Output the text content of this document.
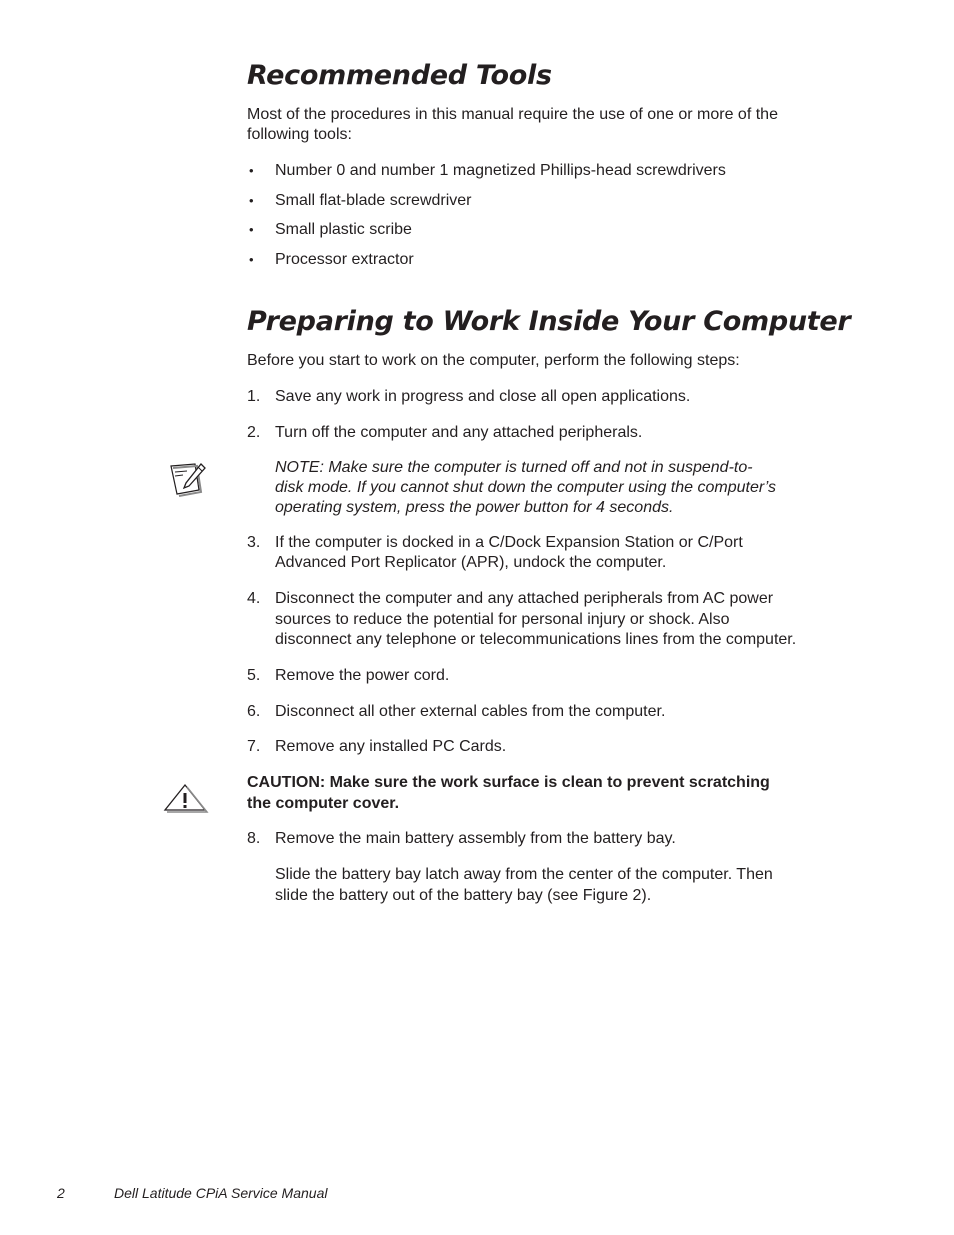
Recommended Tools

Most of the procedures in this manual require the use of one or more of the

following tools:

• Number 0 and number 1 magnetized Phillips-head screwdrivers

• Small flat-blade screwdriver

• Small plastic scribe

• Processor extractor

Preparing to Work Inside Your Computer

Before you start to work on the computer, perform the following steps:

1. Save any work in progress and close all open applications.

2. Turn off the computer and any attached peripherals.

NOTE: Make sure the computer is turned off and not in suspend-to-

disk mode. If you cannot shut down the computer using the computer’s

operating system, press the power button for 4 seconds.

3. If the computer is docked in a C/Dock Expansion Station or C/Port

Advanced Port Replicator (APR), undock the computer.

4. Disconnect the computer and any attached peripherals from AC power

sources to reduce the potential for personal injury or shock. Also

disconnect any telephone or telecommunications lines from the computer.

5. Remove the power cord.

6. Disconnect all other external cables from the computer.

7. Remove any installed PC Cards.

CAUTION: Make sure the work surface is clean to prevent scratching

the computer cover.

8. Remove the main battery assembly from the battery bay.

Slide the battery bay latch away from the center of the computer. Then

slide the battery out of the battery bay (see Figure 2).

2	Dell Latitude CPiA Service Manual
